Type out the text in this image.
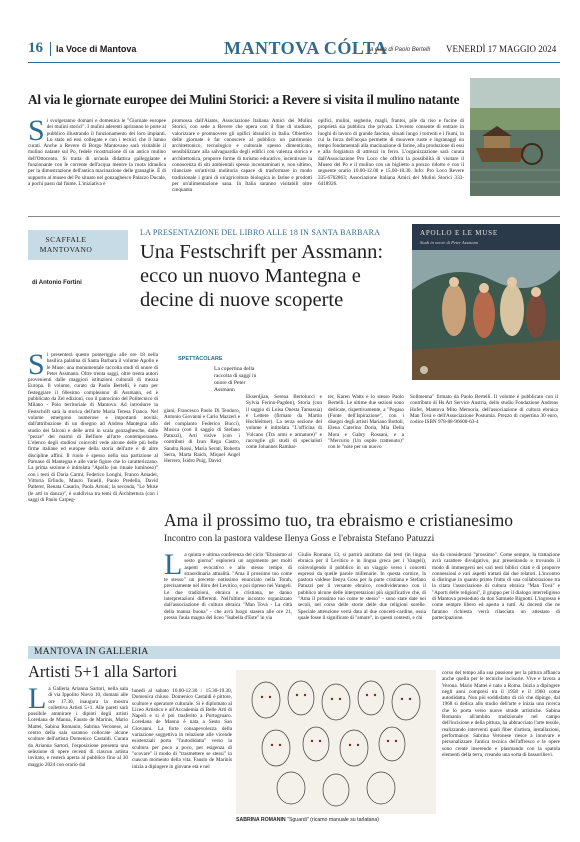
16 la Voce di Mantova	MANTOVA CÓLTA
a cura di Paolo Bertelli VENERDÌ 17 MAGGIO 2024
Al via le giornate europee dei Mulini Storici: a Revere si visita il mulino natante
Si svolgeranno domani e domenica le "Giornate europee dei mulini storici". I mulini aderenti apriranno le porte al pubblico illustrando il funzionamento dei loro impianti. Lo stato ed essi collegate e con i tecnici che li hanno curati. Anche a Revere di Borgo Mantovano sarà visitabile il mulino natante sul Po, fedele ricostruzione di un antico mulino dell'Ottocento. Si tratta di un'aula didattica galleggiante e funzionante con le corrente dell'acqua mentre la ruota idraulica per la dimostrazione dell'antica macinazione delle granaglie. È di supporto al museo del Po situato nel gonzaghesco Palazzo Ducale, a pochi passi dal fiume. L'iniziativa è
promossa dall'Aiams, Associazione Italiana Amici dei Mulini Storici, con sede a Revere che opera con il fine di studiare, valorizzare e promuovere gli opifici idraulici in Italia. Obiettivo delle giornate è far conoscere al pubblico un patrimonio architettonico, tecnologico e culturale spesso dimenticato, sensibilizzare alla salvaguardia degli edifici con valenza storica e architettonica, proporre forme di turismo educativo, incentivare la conoscenza di siti ambientali spesso incontaminati e, non ultimo, rilanciare un'attività molitoria capace di trasformare in modo tradizionale i grani di un'agricoltura biologica in farine e prodotti per un'alimentazione sana. In Italia saranno visitabili oltre cinquanta
opifici, mulini, segherie, magli, frantoi, pile da riso e fucine di proprietà sia pubblica che privata. L'evento consente di entrare in luoghi di lavoro di grande fascino, situati lungo i torrenti e i fiumi, in cui la forza dell'acqua permette di muovere ruote e ingranaggi un tempo fondamentali alla macinazione di farine, alla produzione di essi e alla forgiatura di attrezzi in ferro. L'organizzazione sarà curata dall'Associazione Pro Loco che offrirà la possibilità di visitare il Museo del Po e il mulino con un biglietto a prezzo ridotto e con il seguente orario 10.00-12.00 e 15.00-18.30. Info: Pro Loco Revere 335-6702863; Associazione Italiana Amici dei Mulini Storici 333-6418926.
SCAFFALE MANTOVANO
di Antonio Fortini
LA PRESENTAZIONE DEL LIBRO ALLE 18 IN SANTA BARBARA
Una Festschrift per Assmann: ecco un nuovo Mantegna e decine di nuove scoperte
APOLLO E LE MUSE
Studi in onore di Peter Assmann
Si presenterà questo pomeriggio alle ore 18 nella basilica palatina di Santa Barbara il volume Apollo e le Muse: una monumentale raccolta studi di onore di Peter Assmann. Oltre trenta saggi, oltre trenta autori provenienti dalle maggiori istituzioni culturali di mezza Europa. Il volume, curato da Paolo Bertelli, è nato per festeggiare il 60esimo compleanno di Assmann, ed è pubblicato da Zel edizioni, con il patrocinio del Politecnico di Milano - Polo territoriale di Mantova. Ad introdurre la Festschrift sarà la storica dell'arte Maria Teresa Franco. Nel volume emergono numerose e importanti novità: dall'attribuzione di un disegno ad Andrea Mantegna allo studio dei falconi e delle armi in scala gonzaghesche, dalle "pezze" dei marmi di Belfiore all'arte contemporanea. L'elenco degli studiosi coinvolti vede alcune delle più belle firme italiane ed europee della storia dell'arte e di altre discipline affini. Il ruolo è spesso nella sua partizione al Parnaso di Mantegna e alle varie figure che lo caratterizzano. La prima sezione è intitolata "Apollo (un rituale luminoso)" con i testi di Daria Carmi, Federico Longhi, Franco Amadei, Vittoria Erlindo, Mauro Tonelli, Paolo Predella, David Palterer, Renata Casarin, Paola Artoni; la seconda, "Le Muse (le arti in danza)", è suddivisa tra temi di Architettura (con i saggi di Paolo Carpeg-
SPETTACOLARE
La copertina della raccolta di saggi in onore di Peter Assmann
giani, Francesco Paolo Di Teodoro, Antonio Giovanni e Carlo Mazzeri e del compianto Federico Bucci), Musica (con il saggio di Stefano Patuzzi), Arti visive (con i contributi di Ivan Rega Castro, Sandra Rossi, Maria Serati, Roberta Serra, Marta Raich, Miquel Angel Herrero, Isidro Puig, David
Ekserdjian, Serena Bertolucci e Sylvia Ferino-Pagden), Storia (con il saggio di Luisa Onesta Tamassia) e Lettere (firmato da Martin Hochleitner). La terza sezione del volume è intitolata "L'officina di Vulcano (Tra armi e armature)" e raccoglie gli studi di specialisti come Johannes Ramhar-
ter, Karen Watts e lo stesso Paolo Bertelli. Le ultime due sezioni sono dedicate, rispettivamente, a "Pegaso (Fonte dell'Ispirazione", con i disegni degli artisti Mariano Bottoli, Elena Caterina Doria, Mia Della Mora e Gabry Rossani, e a "Mercurio (Un ospite trattenuto)" con le "note per un nuovo
Sollmenna" firmato da Paolo Bertelli. Il volume è pubblicato con il contributo di Hs Art Service Austria, dello studio Fondazione Andreas Hofer, Mantova Mito Memoria, dell'associazione di cultura ebraica Man Tovà e dell'Associazione Postumia. Prezzo di copertina 30 euro, codice ISBN 978-88-96600-63-4
Ama il prossimo tuo, tra ebraismo e cristianesimo
Incontro con la pastora valdese Ilenya Goss e l'ebraista Stefano Patuzzi
La quinta e ultima conferenza del ciclo "Ebraismo al sesto giorno" esplorerà un argomento per molti aspetti evocativo e allo stesso tempo di straordinaria attualità. "Ama il prossimo tuo come te stesso" un precetto notissimo enunciato nella Torah, precisamente nel libro del Levitico, e poi ripreso nei Vangeli. Le due tradizioni, ebraica e cristiana, ne danno interpretazioni differenti. Nell'ultimo incontro organizzato dall'associazione di cultura ebraica "Man Tovà - La città della manna buona" - che avrà luogo stasera alle ore 21, presso l'aula magna del liceo "Isabella d'Este" in via
Giulio Romano 13, si partirà anzitutto dai testi (in lingua ebraica per il Levitico e in lingua greca per i Vangeli), coinvolgendo il pubblico in un viaggio verso i concetti espressi da quelle parole millenarie. In questa cornice, la pastora valdese Ilenya Goss per la parte cristiana e Stefano Patuzzi per il versante ebraico, condivideranno con il pubblico alcune delle interpretazioni più significative che, di "Ama il prossimo tuo come te stesso" - sono state date nei secoli, nel corso delle storie delle due religioni sorelle. Speciale attenzione verrà data al due concetti-cardine, ossia quale fosse il significato di "amare", in questi contesti, e chi
sia da considerarsi "prossimo". Come sempre, la trattazione avrà carattere divulgativo, pur presentando e trovando il modo di immergersi nei vari testi biblici citati e di proporre connessioni e vari aspetti trattati dai due relatori. L'incontro si distingue in quanto primo frutto di una collaborazione tra la citata l'associazione di cultura ebraica "Man Tovà" e "Aporti delle religioni", il gruppo per il dialogo interreligioso di Mantova presieduto da don Samuele Bignotti. L'ingresso è come sempre libero ed aperto a tutti. Ai docenti che ne faranno richiesta verrà rilasciato un attestato di partecipazione.
MANTOVA IN GALLERIA
Artisti 5+1 alla Sartori
La Galleria Arianna Sartori, nella sala di via Ippolito Nievo 10, domani alle ore 17.30, inaugura la mostra collettiva Artisti 5+1. Alle pareti sarà possibile ammirare i dipinti degli artisti Loredana de Manna, Fausto de Marinis, Mario Mattei, Sabina Romanin, Sabrina Veronese, al centro della sala saranno collocate alcune sculture dell'artista Domenico Castaldi. Curata da Arianna Sartori, l'esposizione presenta una selezione di opere recenti di ciascun artista invitato, e resterà aperta al pubblico fino al 30 maggio 2024 con orario dal
lunedì al sabato 10.00-12.30 / 15.30-19.30, Domenica chiuso. Domenico Castaldi è pittore, scultore e operatore culturale. Si è diplomato al Liceo Artistico e all'Accademia di Belle Arti di Napoli e si è poi trasferito a Portogruaro. Loredana de Manno è nata a Sesto San Giovanni. La forte consapevolezza della variazione soggettiva in relazione alle vicende esistenziali porta "l'autodidatta" verso la scultura per poco a poco, per esigenza di "scovare" il modo di "trasmettere se stessi" in ciascun momento della vita. Fausto de Marinis inizia a dipingere in giovane età e nel
SABRINA ROMANIN "Sguardi" (ricamo manuale su tarlatana)
corso del tempo alla sua passione per la pittura affianca anche quella per le tecniche incisorie. Vive e lavora a Verona. Mario Mattei è nato a Roma. Inizia a dipingere negli anni compresi tra il 1958 e il 1960 come autodidatta. Non più soddisfatto di ciò che dipinge, dal 1968 si dedica allo studio dell'arte e inizia una ricerca che lo porta verso nuove strade artistiche. Sabina Romanin all'ambito tradizionale nel campo dell'incisione e della pittura, ha abbracciato l'arte tessile, realizzando interventi quali fiber d'artista, installazioni, performance. Sabrina Veronese riesce a innovare e personalizzare l'antica tecnica dell'affresco e le opere sono create inserendo e plasmando con la spatola elementi della terra, creando una sorta di bassorilievi.
